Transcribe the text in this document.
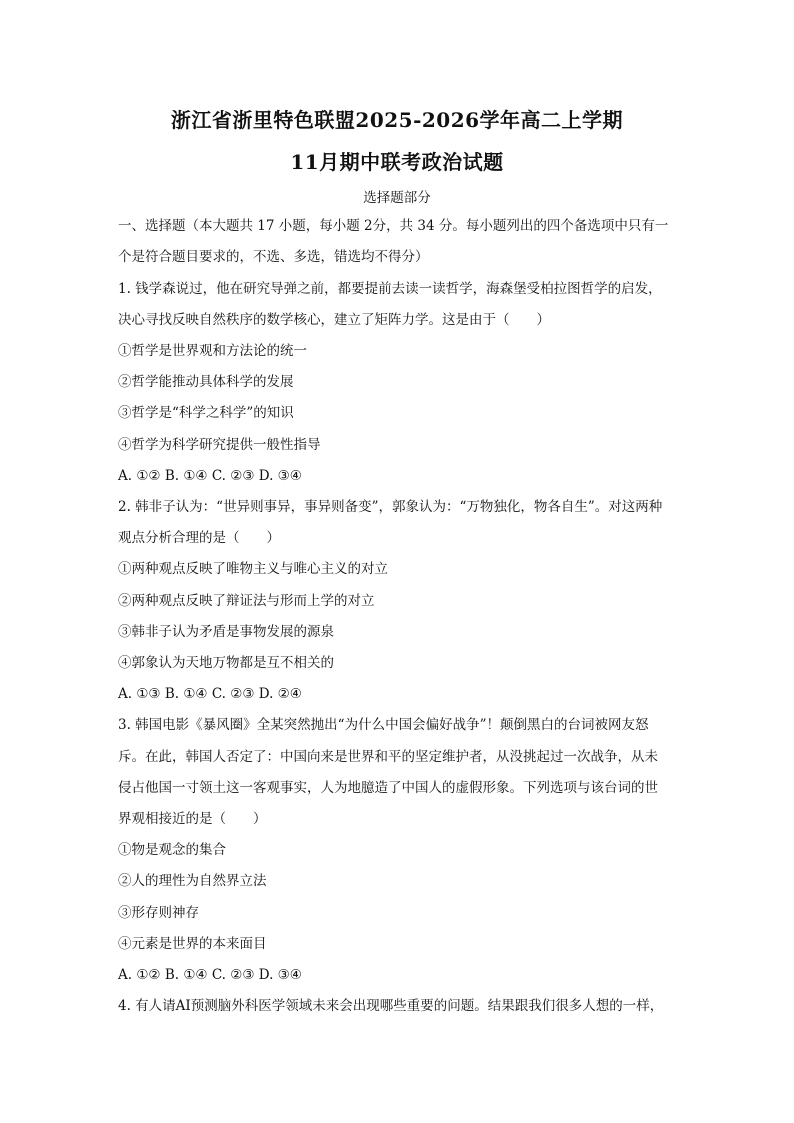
浙江省浙里特色联盟2025-2026学年高二上学期
11月期中联考政治试题
选择题部分
一、选择题（本大题共 17 小题，每小题 2分，共 34 分。每小题列出的四个备选项中只有一
个是符合题目要求的，不选、多选，错选均不得分）
1. 钱学森说过，他在研究导弹之前，都要提前去读一读哲学，海森堡受柏拉图哲学的启发，
决心寻找反映自然秩序的数学核心，建立了矩阵力学。这是由于（　　）
①哲学是世界观和方法论的统一
②哲学能推动具体科学的发展
③哲学是“科学之科学”的知识
④哲学为科学研究提供一般性指导
A. ①② B. ①④ C. ②③ D. ③④
2. 韩非子认为：“世异则事异，事异则备变”，郭象认为：“万物独化，物各自生”。对这两种
观点分析合理的是（　　）
①两种观点反映了唯物主义与唯心主义的对立
②两种观点反映了辩证法与形而上学的对立
③韩非子认为矛盾是事物发展的源泉
④郭象认为天地万物都是互不相关的
A. ①③ B. ①④ C. ②③ D. ②④
3. 韩国电影《暴风圈》全某突然抛出“为什么中国会偏好战争”！颠倒黑白的台词被网友怒
斥。在此，韩国人否定了：中国向来是世界和平的坚定维护者，从没挑起过一次战争，从未
侵占他国一寸领土这一客观事实，人为地臆造了中国人的虚假形象。下列选项与该台词的世
界观相接近的是（　　）
①物是观念的集合
②人的理性为自然界立法
③形存则神存
④元素是世界的本来面目
A. ①② B. ①④ C. ②③ D. ③④
4. 有人请AI预测脑外科医学领域未来会出现哪些重要的问题。结果跟我们很多人想的一样，
